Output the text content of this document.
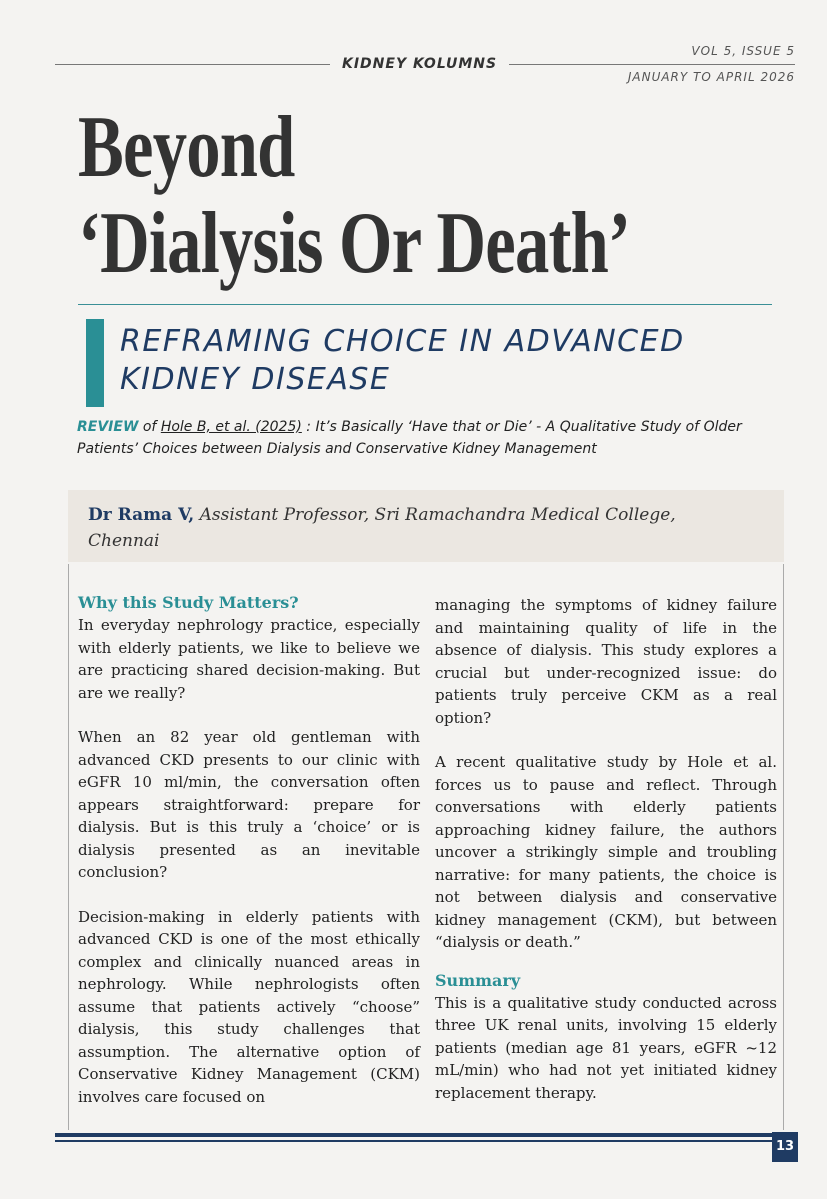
KIDNEY KOLUMNS
VOL 5, ISSUE 5
JANUARY TO APRIL 2026
Beyond
‘Dialysis Or Death’
REFRAMING CHOICE IN ADVANCED
KIDNEY DISEASE
REVIEW of Hole B, et al. (2025) : It’s Basically ‘Have that or Die’ - A Qualitative Study of Older Patients’ Choices between Dialysis and Conservative Kidney Management
Dr Rama V, Assistant Professor, Sri Ramachandra Medical College, Chennai
Why this Study Matters?

In everyday nephrology practice, especially with elderly patients, we like to believe we are practicing shared decision-making. But are we really?

When an 82 year old gentleman with advanced CKD presents to our clinic with eGFR 10 ml/min, the conversation often appears straightforward: prepare for dialysis. But is this truly a ‘choice’ or is dialysis presented as an inevitable conclusion?

Decision-making in elderly patients with advanced CKD is one of the most ethically complex and clinically nuanced areas in nephrology. While nephrologists often assume that patients actively “choose” dialysis, this study challenges that assumption. The alternative option of Conservative Kidney Management (CKM) involves care focused on

managing the symptoms of kidney failure and maintaining quality of life in the absence of dialysis. This study explores a crucial but under-recognized issue: do patients truly perceive CKM as a real option?

A recent qualitative study by Hole et al. forces us to pause and reflect. Through conversations with elderly patients approaching kidney failure, the authors uncover a strikingly simple and troubling narrative: for many patients, the choice is not between dialysis and conservative kidney management (CKM), but between “dialysis or death.”

Summary

This is a qualitative study conducted across three UK renal units, involving 15 elderly patients (median age 81 years, eGFR ~12 mL/min) who had not yet initiated kidney replacement therapy.

13
